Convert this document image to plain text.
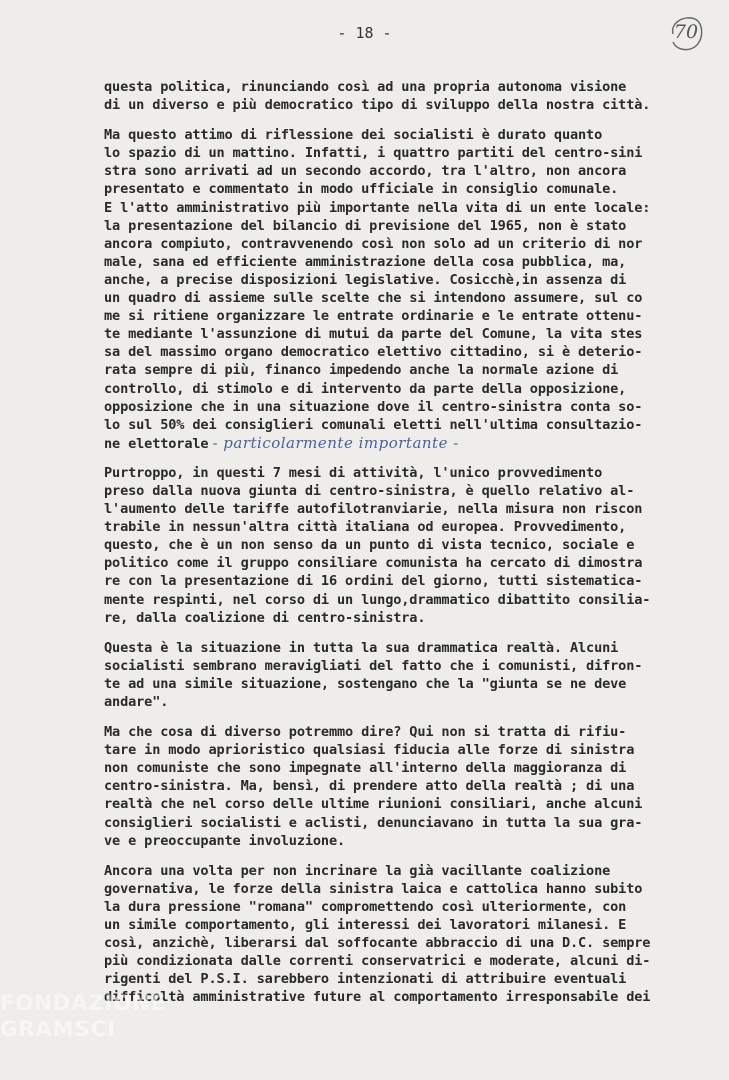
- 18 -	70
questa politica, rinunciando così ad una propria autonoma visione
di un diverso e più democratico tipo di sviluppo della nostra città.
Ma questo attimo di riflessione dei socialisti è durato quanto
lo spazio di un mattino. Infatti, i quattro partiti del centro-sini
stra sono arrivati ad un secondo accordo, tra l'altro, non ancora
presentato e commentato in modo ufficiale in consiglio comunale.
E l'atto amministrativo più importante nella vita di un ente locale:
la presentazione del bilancio di previsione del 1965, non è stato
ancora compiuto, contravvenendo così non solo ad un criterio di nor
male, sana ed efficiente amministrazione della cosa pubblica, ma,
anche, a precise disposizioni legislative. Cosicchè,in assenza di
un quadro di assieme sulle scelte che si intendono assumere, sul co
me si ritiene organizzare le entrate ordinarie e le entrate ottenu-
te mediante l'assunzione di mutui da parte del Comune, la vita stes
sa del massimo organo democratico elettivo cittadino, si è deterio-
rata sempre di più, financo impedendo anche la normale azione di
controllo, di stimolo e di intervento da parte della opposizione,
opposizione che in una situazione dove il centro-sinistra conta so-
lo sul 50% dei consiglieri comunali eletti nell'ultima consultazio-
ne elettorale - particolarmente importante -
Purtroppo, in questi 7 mesi di attività, l'unico provvedimento
preso dalla nuova giunta di centro-sinistra, è quello relativo al-
l'aumento delle tariffe autofilotranviarie, nella misura non riscon
trabile in nessun'altra città italiana od europea. Provvedimento,
questo, che è un non senso da un punto di vista tecnico, sociale e
politico come il gruppo consiliare comunista ha cercato di dimostra
re con la presentazione di 16 ordini del giorno, tutti sistematica-
mente respinti, nel corso di un lungo,drammatico dibattito consilia-
re, dalla coalizione di centro-sinistra.
Questa è la situazione in tutta la sua drammatica realtà. Alcuni
socialisti sembrano meravigliati del fatto che i comunisti, difron-
te ad una simile situazione, sostengano che la "giunta se ne deve
andare".
Ma che cosa di diverso potremmo dire? Qui non si tratta di rifiu-
tare in modo aprioristico qualsiasi fiducia alle forze di sinistra
non comuniste che sono impegnate all'interno della maggioranza di
centro-sinistra. Ma, bensì, di prendere atto della realtà ; di una
realtà che nel corso delle ultime riunioni consiliari, anche alcuni
consiglieri socialisti e aclisti, denunciavano in tutta la sua gra-
ve e preoccupante involuzione.
Ancora una volta per non incrinare la già vacillante coalizione
governativa, le forze della sinistra laica e cattolica hanno subito
la dura pressione "romana" compromettendo così ulteriormente, con
un simile comportamento, gli interessi dei lavoratori milanesi. E
così, anzichè, liberarsi dal soffocante abbraccio di una D.C. sempre
più condizionata dalle correnti conservatrici e moderate, alcuni di-
rigenti del P.S.I. sarebbero intenzionati di attribuire eventuali
difficoltà amministrative future al comportamento irresponsabile dei
FONDAZIONE
GRAMSCI
